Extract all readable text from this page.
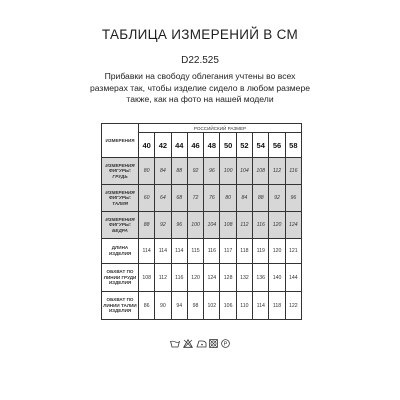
ТАБЛИЦА ИЗМЕРЕНИЙ В СМ
D22.525
Прибавки на свободу облегания учтены во всех размерах так, чтобы изделие сидело в любом размере также, как на фото на нашей модели
ИЗМЕРЕНИЯ	РОССИЙСКИЙ РАЗМЕР									
	40	42	44	46	48	50	52	54	56	58
ИЗМЕРЕНИЯ ФИГУРЫ: ГРУДЬ	80	84	88	92	96	100	104	108	112	116
ИЗМЕРЕНИЯ ФИГУРЫ: ТАЛИЯ	60	64	68	72	76	80	84	88	92	96
ИЗМЕРЕНИЯ ФИГУРЫ: БЕДРА	88	92	96	100	104	108	112	116	120	124
ДЛИНА ИЗДЕЛИЯ	114	114	114	115	116	117	118	119	120	121
ОБХВАТ ПО ЛИНИИ ГРУДИ ИЗДЕЛИЯ	108	112	116	120	124	128	132	136	140	144
ОБХВАТ ПО ЛИНИИ ТАЛИИ ИЗДЕЛИЯ	86	90	94	98	102	106	110	114	118	122
P
